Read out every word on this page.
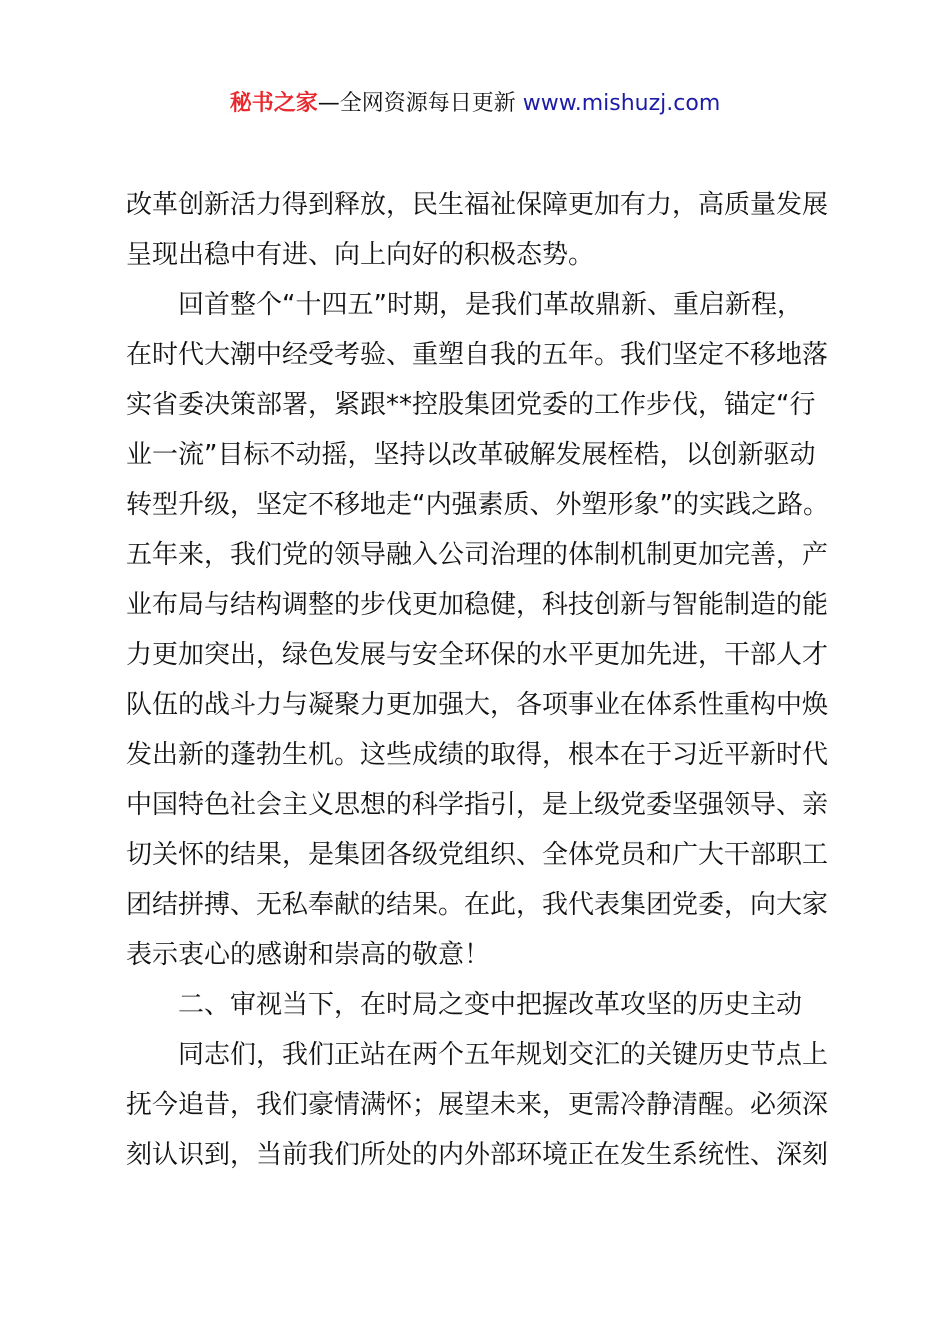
秘书之家—全网资源每日更新 www.mishuzj.com
改革创新活力得到释放，民生福祉保障更加有力，高质量发展
呈现出稳中有进、向上向好的积极态势。
回首整个“十四五”时期，是我们革故鼎新、重启新程，
在时代大潮中经受考验、重塑自我的五年。我们坚定不移地落
实省委决策部署，紧跟**控股集团党委的工作步伐，锚定“行
业一流”目标不动摇，坚持以改革破解发展桎梏，以创新驱动
转型升级，坚定不移地走“内强素质、外塑形象”的实践之路。
五年来，我们党的领导融入公司治理的体制机制更加完善，产
业布局与结构调整的步伐更加稳健，科技创新与智能制造的能
力更加突出，绿色发展与安全环保的水平更加先进，干部人才
队伍的战斗力与凝聚力更加强大，各项事业在体系性重构中焕
发出新的蓬勃生机。这些成绩的取得，根本在于习近平新时代
中国特色社会主义思想的科学指引，是上级党委坚强领导、亲
切关怀的结果，是集团各级党组织、全体党员和广大干部职工
团结拼搏、无私奉献的结果。在此，我代表集团党委，向大家
表示衷心的感谢和崇高的敬意！
二、审视当下，在时局之变中把握改革攻坚的历史主动
同志们，我们正站在两个五年规划交汇的关键历史节点上
抚今追昔，我们豪情满怀；展望未来，更需冷静清醒。必须深
刻认识到，当前我们所处的内外部环境正在发生系统性、深刻
